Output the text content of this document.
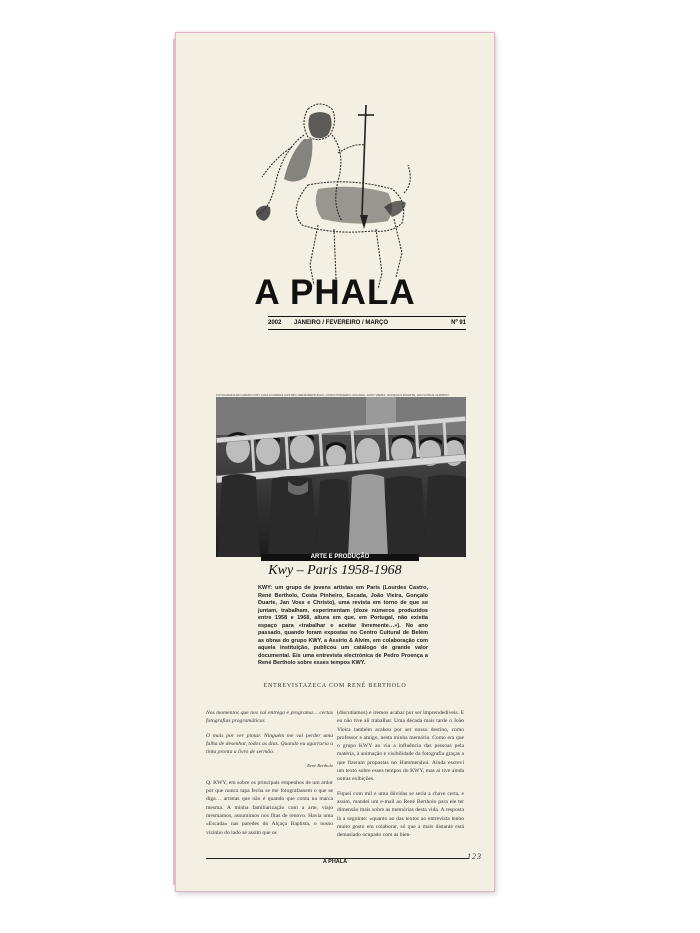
A PHALA
2002 JANEIRO / FEVEREIRO / MARÇO	Nº 91
FOTOGRAFIA DO GRUPO KWY COM LOURDES CASTRO, RENÉ BERTHOLO, COSTA PINHEIRO, ESCADA, JOÃO VIEIRA, GONÇALO DUARTE, JAN VOSS E CHRISTO
ARTE E PRODUÇÃO
Kwy – Paris 1958-1968
KWY: um grupo de jovens artistas em Paris (Lourdes Castro, René Bertholo, Costa Pinheiro, Escada, João Vieira, Gonçalo Duarte, Jan Voss e Christo), uma revista em torno de que se juntam, trabalham, experimentam (doze números produzidos entre 1958 e 1968, altura em que, em Portugal, não existia espaço para «trabalhar e aceitar livremente…»). No ano passado, quando foram expostas no Centro Cultural de Belém as obras do grupo KWY, a Assírio & Alvim, em colaboração com aquela instituição, publicou um catálogo de grande valor documental. Eis uma entrevista electrónica de Pedro Proença a René Bertholo sobre esses tempos KWY.
ENTREVISTAZECA COM RENÉ BERTHOLO

Nos momentos que nos vai entrega e programa… certas fotografias programáticas

O mais por ver pintar. Ninguém me vai perder uma falha de desenhar, todos as dias. Quando eu agarraria a tinta pronta a livro de sermão.

René Bertholo

Q. KWY, em sobre os principais empenhos de um ardor por que nunca tapa fecha se me fotografassem o que se diga… artistas que não é quando que conta na marca mesma. A minha familiarização com a arte, viajo mesmamos, assumimos nos fitas de renovo. Havia uma «Escada» nas paredes do Alçaça Baptista, o nosso vizinho do lado sé assim que os

(discutíamos) e iremos acabar por ser imprendedíveis. E eu não tive ali trabalhar. Uma década mais tarde o João Vieira também acabou por ser nosso destino, como professor e amigo, nesta minha memória. Como era que o grupo KWY ao via a influência das pessoas pela matéria, à animação e visibilidade da fotografia graças a que fizeram propostas no Hammershoi. Ainda escrevi um texto sobre esses tempos do KWY, mas ai tive ainda outras exibições.

Fiquei com mil e uma dúvidas se seria a chave certa, e assim, mandei um e-mail ao René Bertholo para ele ter dimensão mais sobre as memórias desta vida. A resposta lá a seguinte: «quanto ao das textos ao entrevista tenho muito gosto em colaborar, só que a mais distante está demasiado ocupado com as bien-

A PHALA
123
